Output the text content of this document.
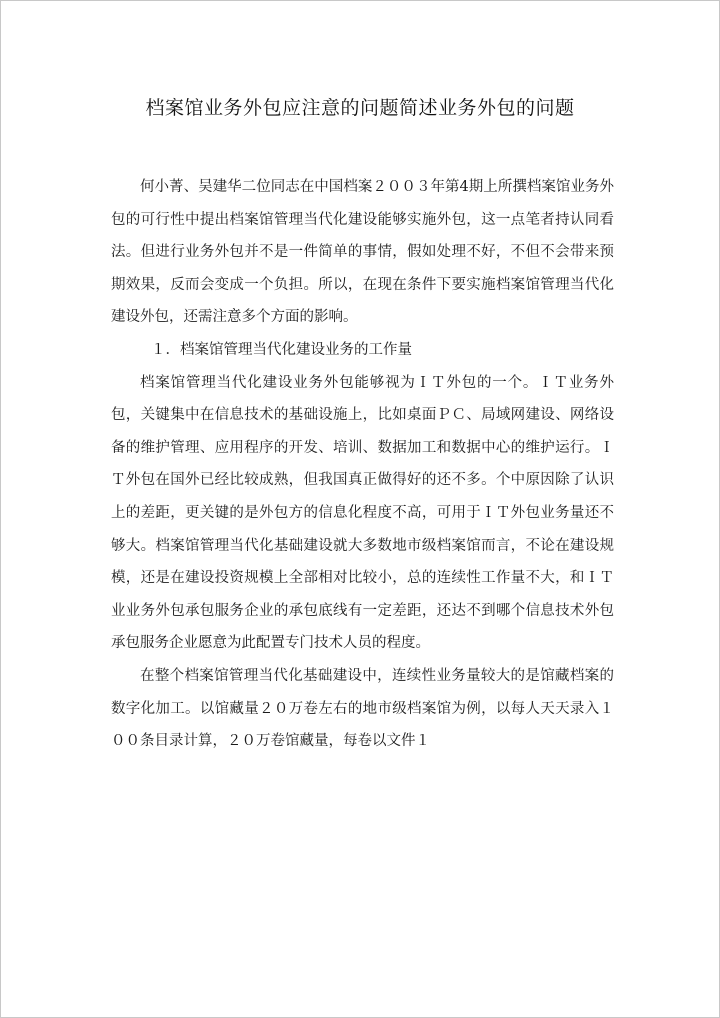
档案馆业务外包应注意的问题简述业务外包的问题

何小菁、吴建华二位同志在中国档案２００３年第4期上所撰档案馆业务外包的可行性中提出档案馆管理当代化建设能够实施外包，这一点笔者持认同看法。但进行业务外包并不是一件简单的事情，假如处理不好，不但不会带来预期效果，反而会变成一个负担。所以，在现在条件下要实施档案馆管理当代化建设外包，还需注意多个方面的影响。

１．档案馆管理当代化建设业务的工作量

档案馆管理当代化建设业务外包能够视为ＩＴ外包的一个。ＩＴ业务外包，关键集中在信息技术的基础设施上，比如桌面ＰＣ、局域网建设、网络设备的维护管理、应用程序的开发、培训、数据加工和数据中心的维护运行。ＩＴ外包在国外已经比较成熟，但我国真正做得好的还不多。个中原因除了认识上的差距，更关键的是外包方的信息化程度不高，可用于ＩＴ外包业务量还不够大。档案馆管理当代化基础建设就大多数地市级档案馆而言，不论在建设规模，还是在建设投资规模上全部相对比较小，总的连续性工作量不大，和ＩＴ业业务外包承包服务企业的承包底线有一定差距，还达不到哪个信息技术外包承包服务企业愿意为此配置专门技术人员的程度。

在整个档案馆管理当代化基础建设中，连续性业务量较大的是馆藏档案的数字化加工。以馆藏量２０万卷左右的地市级档案馆为例，以每人天天录入１００条目录计算，２０万卷馆藏量，每卷以文件１
